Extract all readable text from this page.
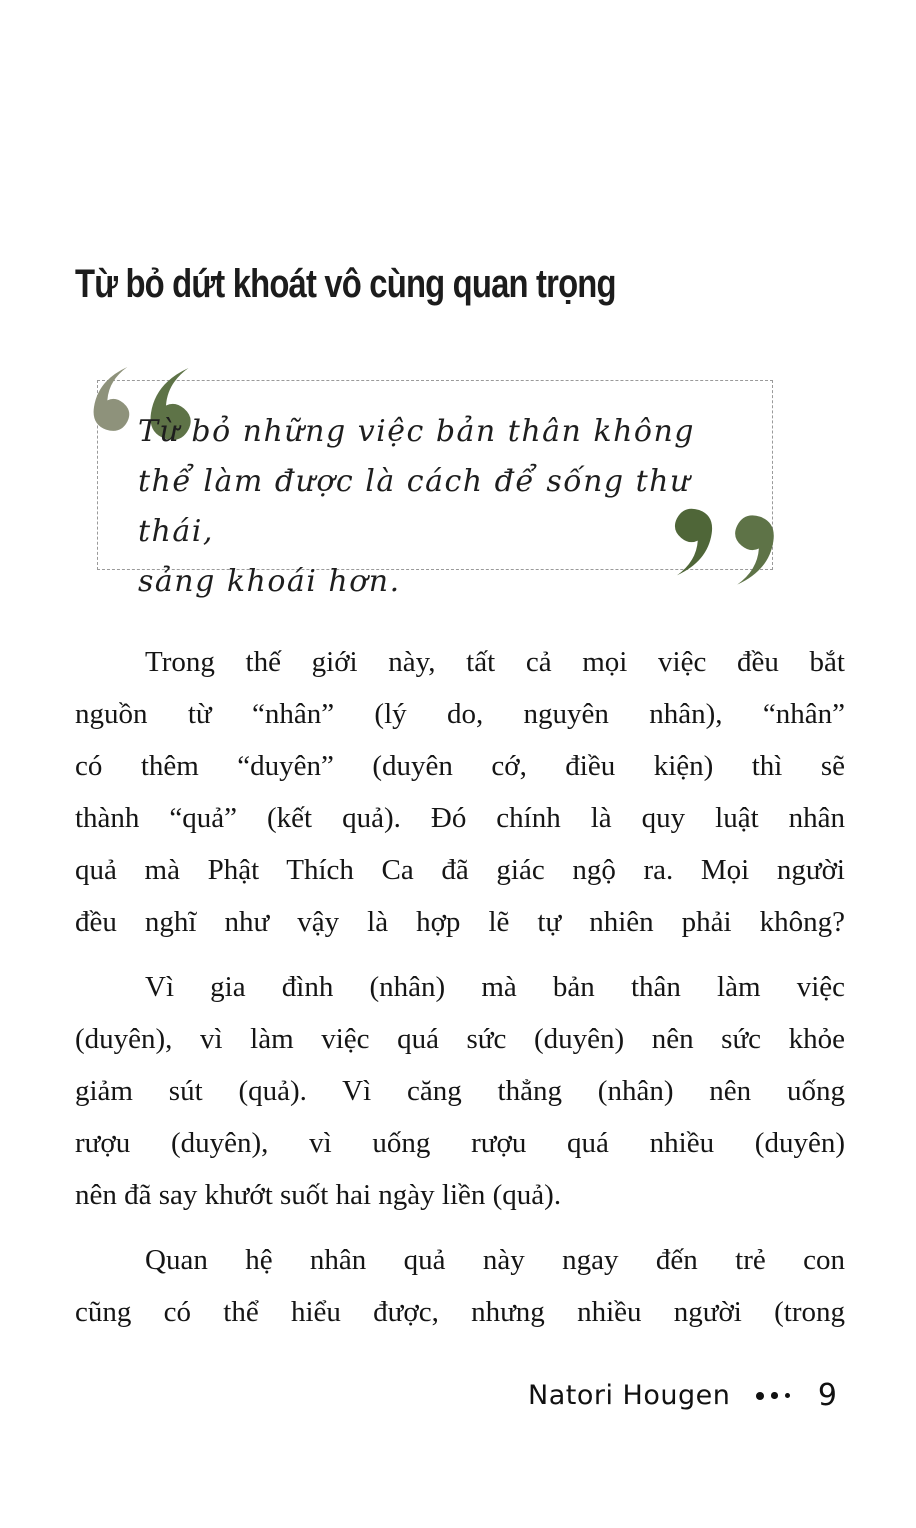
Từ bỏ dứt khoát vô cùng quan trọng
Từ bỏ những việc bản thân không
thể làm được là cách để sống thư thái,
sảng khoái hơn.
Trong thế giới này, tất cả mọi việc đều bắt
nguồn từ “nhân” (lý do, nguyên nhân), “nhân”
có thêm “duyên” (duyên cớ, điều kiện) thì sẽ
thành “quả” (kết quả). Đó chính là quy luật nhân
quả mà Phật Thích Ca đã giác ngộ ra. Mọi người
đều nghĩ như vậy là hợp lẽ tự nhiên phải không?
Vì gia đình (nhân) mà bản thân làm việc
(duyên), vì làm việc quá sức (duyên) nên sức khỏe
giảm sút (quả). Vì căng thẳng (nhân) nên uống
rượu (duyên), vì uống rượu quá nhiều (duyên)
nên đã say khướt suốt hai ngày liền (quả).
Quan hệ nhân quả này ngay đến trẻ con
cũng có thể hiểu được, nhưng nhiều người (trong
Natori Hougen	9
